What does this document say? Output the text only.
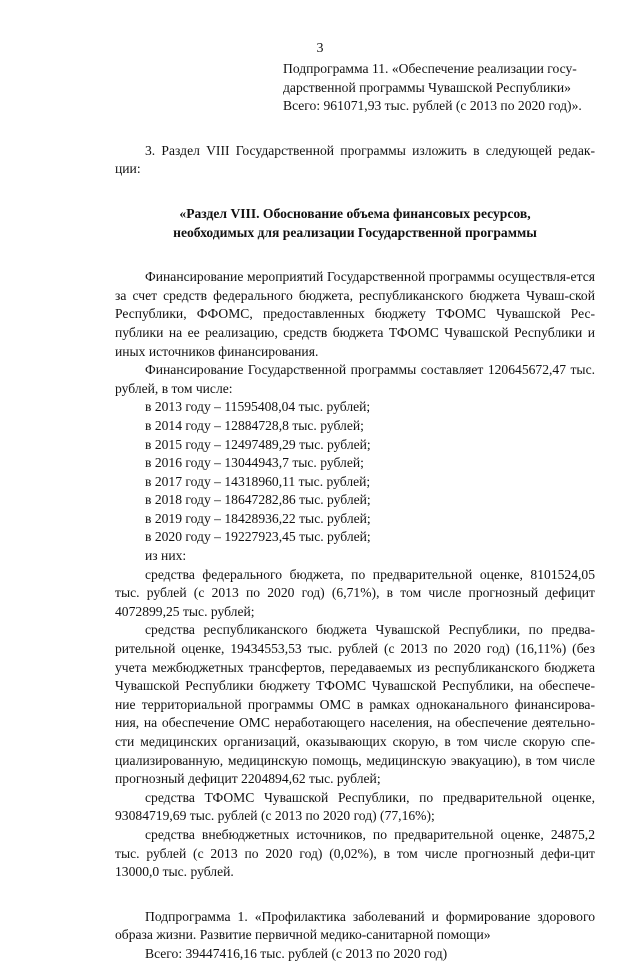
3
Подпрограмма 11. «Обеспечение реализации госу-
дарственной программы Чувашской Республики»
Всего: 961071,93 тыс. рублей (с 2013 по 2020 год)».

3. Раздел VIII Государственной программы изложить в следующей редак-ции:

«Раздел VIII. Обоснование объема финансовых ресурсов,

необходимых для реализации Государственной программы

Финансирование мероприятий Государственной программы осуществля-ется за счет средств федерального бюджета, республиканского бюджета Чуваш-ской Республики, ФФОМС, предоставленных бюджету ТФОМС Чувашской Рес-публики на ее реализацию, средств бюджета ТФОМС Чувашской Республики и иных источников финансирования.

Финансирование Государственной программы составляет 120645672,47 тыс. рублей, в том числе:

в 2013 году – 11595408,04 тыс. рублей;
в 2014 году – 12884728,8 тыс. рублей;
в 2015 году – 12497489,29 тыс. рублей;
в 2016 году – 13044943,7 тыс. рублей;
в 2017 году – 14318960,11 тыс. рублей;
в 2018 году – 18647282,86 тыс. рублей;
в 2019 году – 18428936,22 тыс. рублей;
в 2020 году – 19227923,45 тыс. рублей;
из них:

средства федерального бюджета, по предварительной оценке, 8101524,05 тыс. рублей (с 2013 по 2020 год) (6,71%), в том числе прогнозный дефицит 4072899,25 тыс. рублей;

средства республиканского бюджета Чувашской Республики, по предва-рительной оценке, 19434553,53 тыс. рублей (с 2013 по 2020 год) (16,11%) (без учета межбюджетных трансфертов, передаваемых из республиканского бюджета Чувашской Республики бюджету ТФОМС Чувашской Республики, на обеспече-ние территориальной программы ОМС в рамках одноканального финансирова-ния, на обеспечение ОМС неработающего населения, на обеспечение деятельно-сти медицинских организаций, оказывающих скорую, в том числе скорую спе-циализированную, медицинскую помощь, медицинскую эвакуацию), в том числе прогнозный дефицит 2204894,62 тыс. рублей;

средства ТФОМС Чувашской Республики, по предварительной оценке, 93084719,69 тыс. рублей (с 2013 по 2020 год) (77,16%);

средства внебюджетных источников, по предварительной оценке, 24875,2 тыс. рублей (с 2013 по 2020 год) (0,02%), в том числе прогнозный дефи-цит 13000,0 тыс. рублей.

Подпрограмма 1. «Профилактика заболеваний и формирование здорового образа жизни. Развитие первичной медико-санитарной помощи»

Всего: 39447416,16 тыс. рублей (с 2013 по 2020 год)
